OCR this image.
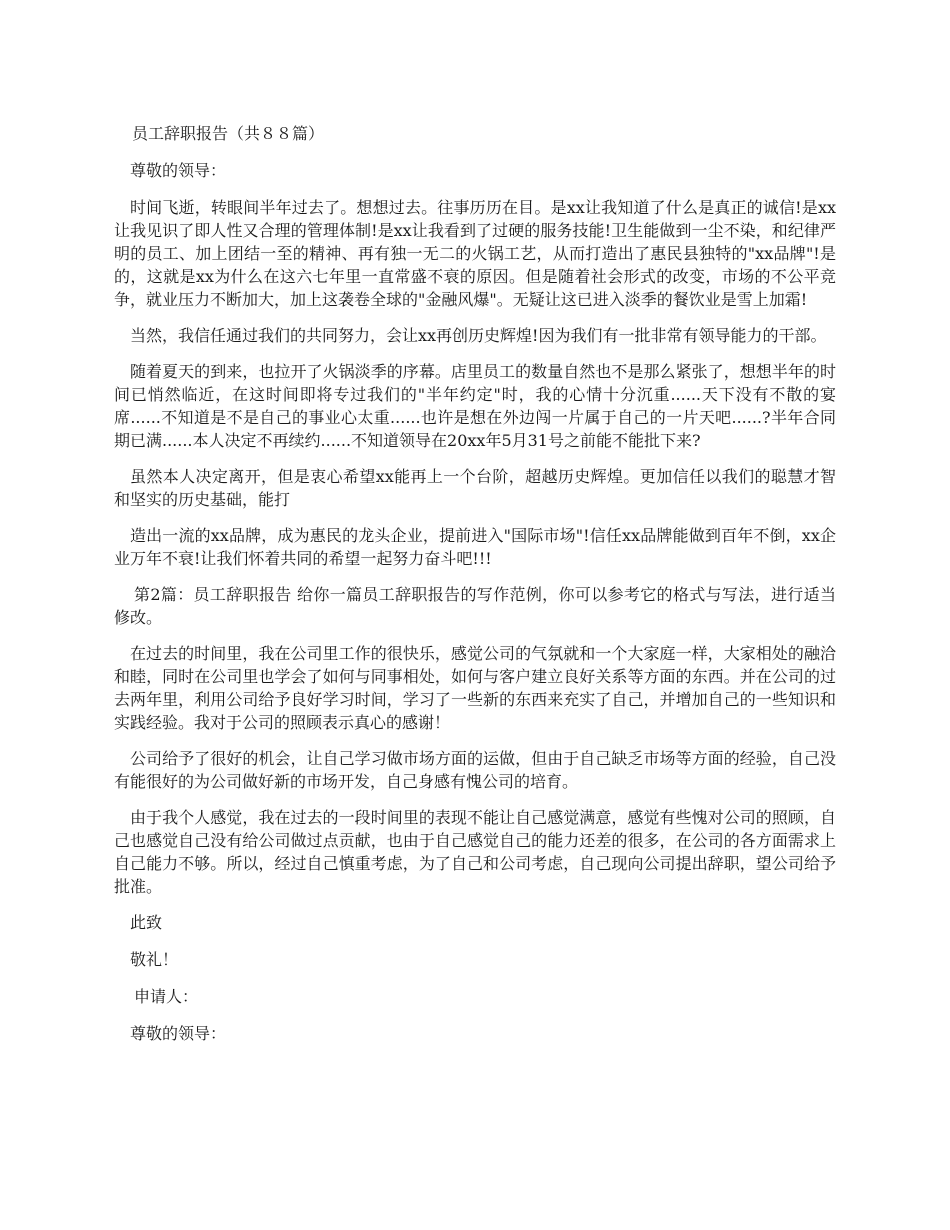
员工辞职报告（共８８篇）

尊敬的领导：

时间飞逝，转眼间半年过去了。想想过去。往事历历在目。是xx让我知道了什么是真正的诚信!是xx让我见识了即人性又合理的管理体制!是xx让我看到了过硬的服务技能!卫生能做到一尘不染，和纪律严明的员工、加上团结一至的精神、再有独一无二的火锅工艺，从而打造出了惠民县独特的"xx品牌"!是的，这就是xx为什么在这六七年里一直常盛不衰的原因。但是随着社会形式的改变，市场的不公平竞争，就业压力不断加大，加上这袭卷全球的"金融风爆"。无疑让这已进入淡季的餐饮业是雪上加霜!

当然，我信任通过我们的共同努力，会让xx再创历史辉煌!因为我们有一批非常有领导能力的干部。

随着夏天的到来，也拉开了火锅淡季的序幕。店里员工的数量自然也不是那么紧张了，想想半年的时间已悄然临近，在这时间即将专过我们的"半年约定"时，我的心情十分沉重......天下没有不散的宴席......不知道是不是自己的事业心太重......也许是想在外边闯一片属于自己的一片天吧......?半年合同期已满......本人决定不再续约......不知道领导在20xx年5月31号之前能不能批下来?

虽然本人决定离开，但是衷心希望xx能再上一个台阶，超越历史辉煌。更加信任以我们的聪慧才智和坚实的历史基础，能打

造出一流的xx品牌，成为惠民的龙头企业，提前进入"国际市场"!信任xx品牌能做到百年不倒，xx企业万年不衰!让我们怀着共同的希望一起努力奋斗吧!!!

第2篇：员工辞职报告 给你一篇员工辞职报告的写作范例，你可以参考它的格式与写法，进行适当修改。

在过去的时间里，我在公司里工作的很快乐，感觉公司的气氛就和一个大家庭一样，大家相处的融洽和睦，同时在公司里也学会了如何与同事相处，如何与客户建立良好关系等方面的东西。并在公司的过去两年里，利用公司给予良好学习时间，学习了一些新的东西来充实了自己，并增加自己的一些知识和实践经验。我对于公司的照顾表示真心的感谢！

公司给予了很好的机会，让自己学习做市场方面的运做，但由于自己缺乏市场等方面的经验，自己没有能很好的为公司做好新的市场开发，自己身感有愧公司的培育。

由于我个人感觉，我在过去的一段时间里的表现不能让自己感觉满意，感觉有些愧对公司的照顾，自己也感觉自己没有给公司做过点贡献，也由于自己感觉自己的能力还差的很多，在公司的各方面需求上自己能力不够。所以，经过自己慎重考虑，为了自己和公司考虑，自己现向公司提出辞职，望公司给予批准。

此致

敬礼！

申请人：

尊敬的领导：
